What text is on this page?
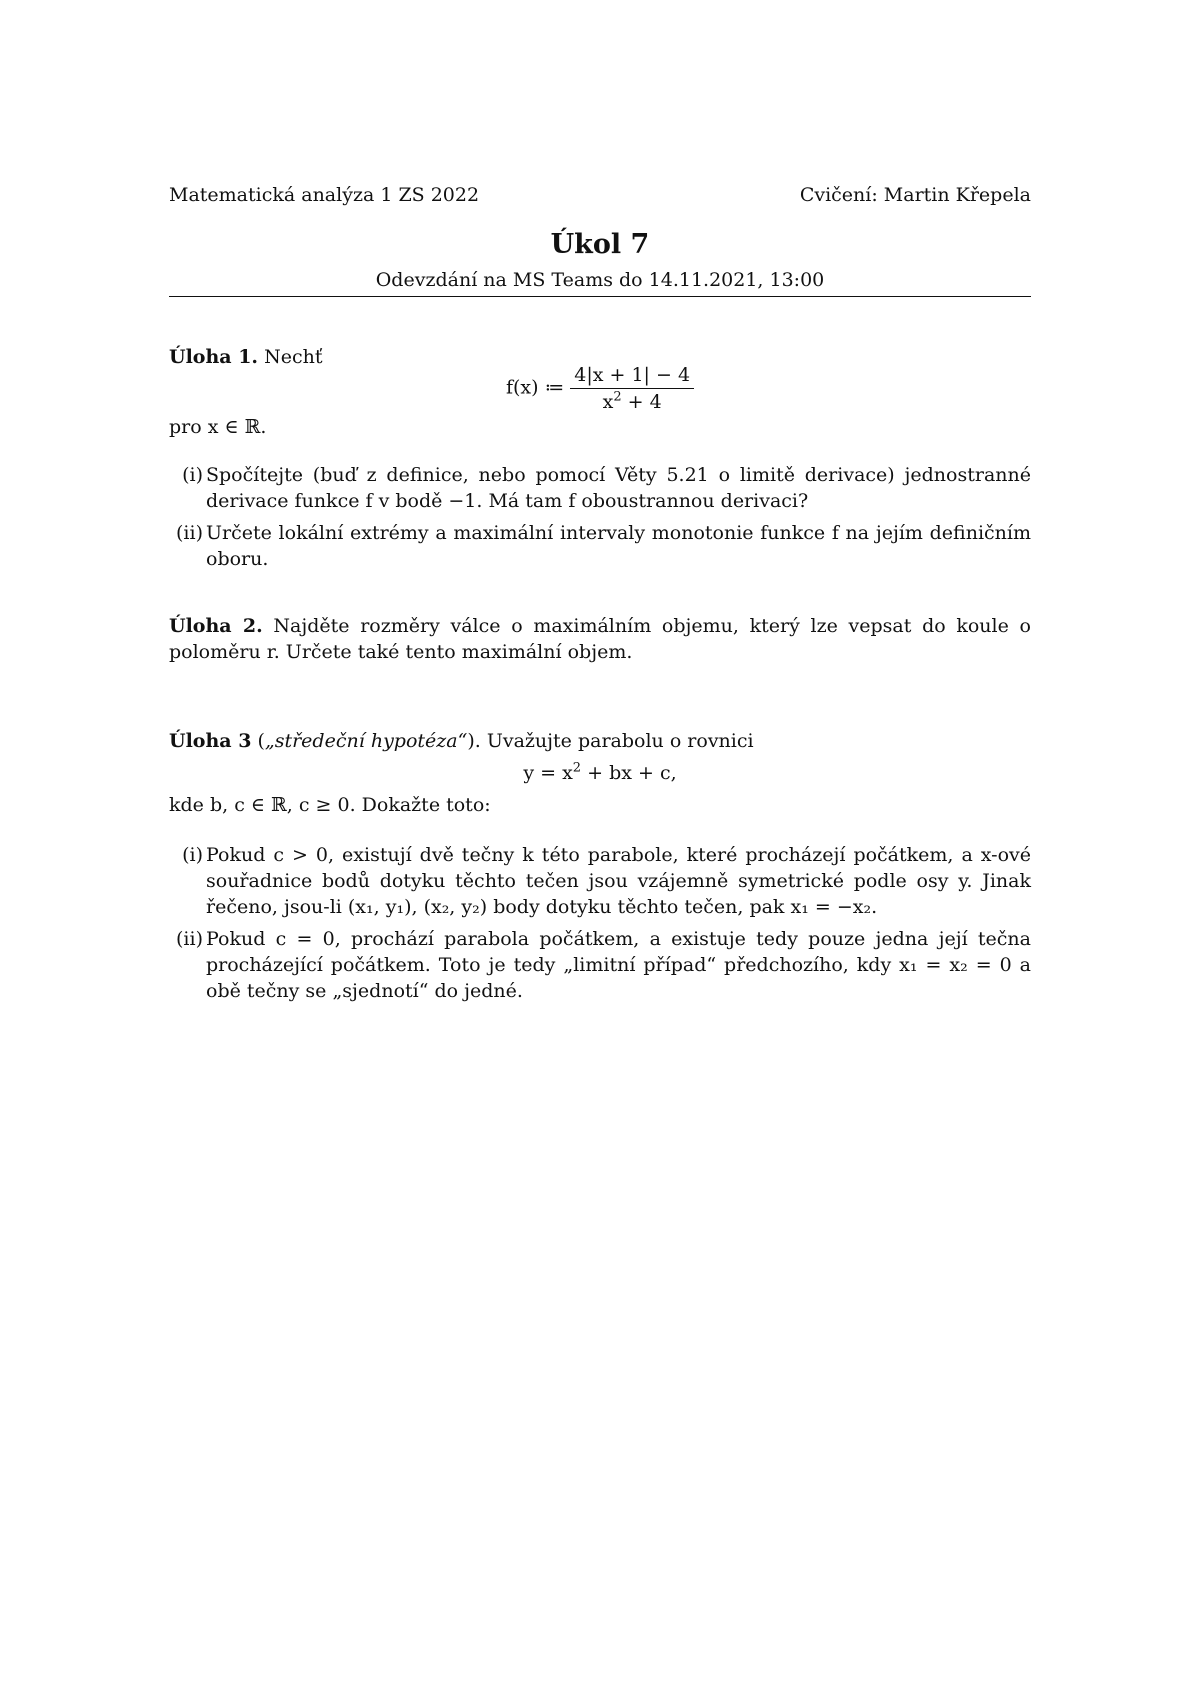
Matematická analýza 1 ZS 2022	Cvičení: Martin Křepela
Úkol 7
Odevzdání na MS Teams do 14.11.2021, 13:00
Úloha 1. Nechť
f(x) ≔ $\frac{4|x + 1| - 4}{x^2 + 4}$
pro x ∈ ℝ.
(i) Spočítejte (buď z definice, nebo pomocí Věty 5.21 o limitě derivace) jednostranné derivace funkce f v bodě −1. Má tam f oboustrannou derivaci?
(ii) Určete lokální extrémy a maximální intervaly monotonie funkce f na jejím definičním oboru.
Úloha 2. Najděte rozměry válce o maximálním objemu, který lze vepsat do koule o poloměru r. Určete také tento maximální objem.
Úloha 3 („středeční hypotéza“). Uvažujte parabolu o rovnici
$y = x^2$ + bx + c,
kde b, c ∈ ℝ, c ≥ 0. Dokažte toto:
(i) Pokud c > 0, existují dvě tečny k této parabole, které procházejí počátkem, a x-ové souřadnice bodů dotyku těchto tečen jsou vzájemně symetrické podle osy y. Jinak řečeno, jsou-li (x₁, y₁), (x₂, y₂) body dotyku těchto tečen, pak x₁ = −x₂.
(ii) Pokud c = 0, prochází parabola počátkem, a existuje tedy pouze jedna její tečna procházející počátkem. Toto je tedy „limitní případ“ předchozího, kdy x₁ = x₂ = 0 a obě tečny se „sjednotí“ do jedné.
